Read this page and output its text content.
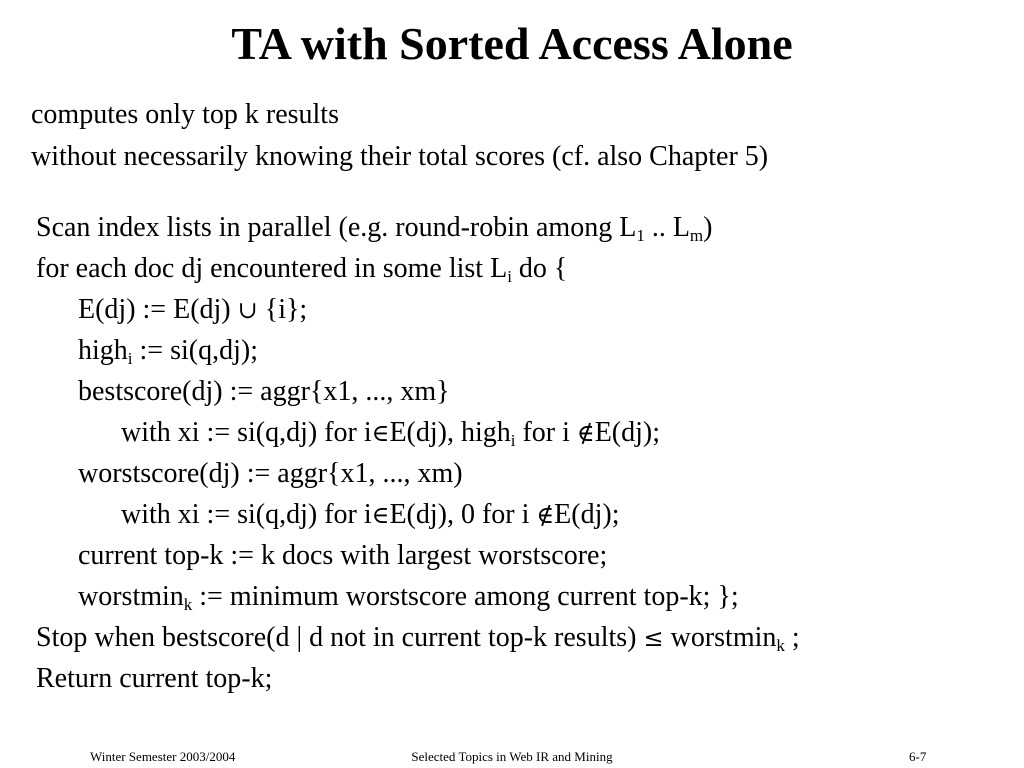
TA with Sorted Access Alone
computes only top k results
without necessarily knowing their total scores (cf. also Chapter 5)
Scan index lists in parallel (e.g. round-robin among $L_1$ .. $L_m$)
for each doc dj encountered in some list $L_i$ do {
E(dj) := E(dj) ∪ {i};
high$_i$ := si(q,dj);
bestscore(dj) := aggr{x1, ..., xm}
with xi := si(q,dj) for i∈E(dj), high$_i$ for i ∉E(dj);
worstscore(dj) := aggr{x1, ..., xm)
with xi := si(q,dj) for i∈E(dj), 0 for i ∉E(dj);
current top-k := k docs with largest worstscore;
worstmin$_k$ := minimum worstscore among current top-k; };
Stop when bestscore(d | d not in current top-k results) ≤ worstmin$_k$ ;
Return current top-k;
Winter Semester 2003/2004	Selected Topics in Web IR and Mining	6-7
